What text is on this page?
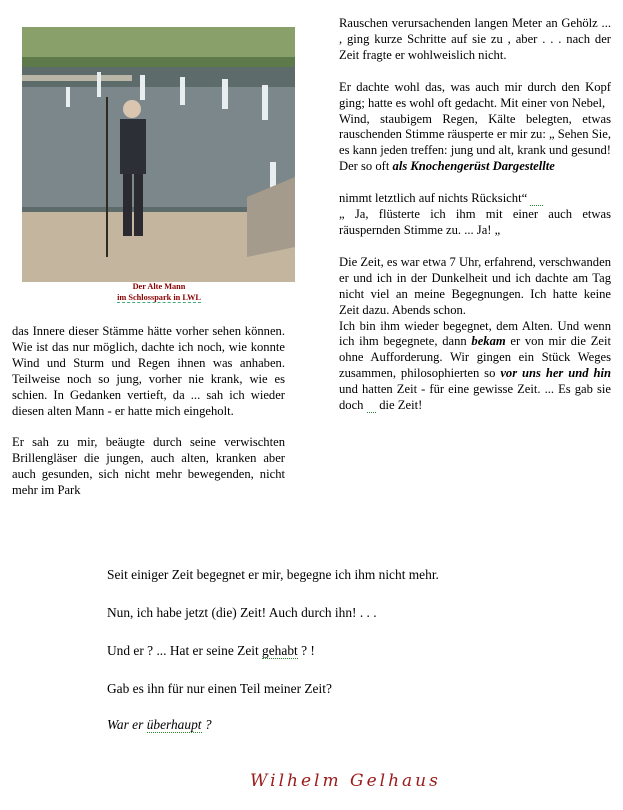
Der Alte Mann
im Schlosspark in LWL

Rauschen verursachenden langen Meter an Gehölz ... , ging kurze Schritte auf sie zu , aber . . . nach der Zeit fragte er wohlweislich nicht.

Er dachte wohl das, was auch mir durch den Kopf ging; hatte es wohl oft gedacht. Mit einer von Nebel,
Wind, staubigem Regen, Kälte belegten, etwas rauschenden Stimme räusperte er mir zu: „ Sehen Sie, es kann jeden treffen: jung und alt, krank und gesund! Der so oft als Knochengerüst Dargestellte

nimmt letztlich auf nichts Rücksicht“
„ Ja, flüsterte ich ihm mit einer auch etwas räuspernden Stimme zu. ... Ja! „

Die Zeit, es war etwa 7 Uhr, erfahrend, verschwanden er und ich in der Dunkelheit und ich dachte am Tag nicht viel an meine Begegnungen. Ich hatte keine Zeit dazu. Abends schon.
Ich bin ihm wieder begegnet, dem Alten. Und wenn ich ihm begegnete, dann bekam er von mir die Zeit ohne Aufforderung. Wir gingen ein Stück Weges zusammen, philosophierten so vor uns her und hin und hatten Zeit - für eine gewisse Zeit. ... Es gab sie doch die Zeit!

das Innere dieser Stämme hätte vorher sehen können. Wie ist das nur möglich, dachte ich noch, wie konnte Wind und Sturm und Regen ihnen was anhaben. Teilweise noch so jung, vorher nie krank, wie es schien. In Gedanken vertieft, da ... sah ich wieder diesen alten Mann - er hatte mich eingeholt.

Er sah zu mir, beäugte durch seine verwischten Brillengläser die jungen, auch alten, kranken aber auch gesunden, sich nicht mehr bewegenden, nicht mehr im Park

Seit einiger Zeit begegnet er mir, begegne ich ihm nicht mehr.
Nun, ich habe jetzt (die) Zeit! Auch durch ihn! . . .
Und er ? ... Hat er seine Zeit gehabt ? !
Gab es ihn für nur einen Teil meiner Zeit?
War er überhaupt ?
Wilhelm Gelhaus
